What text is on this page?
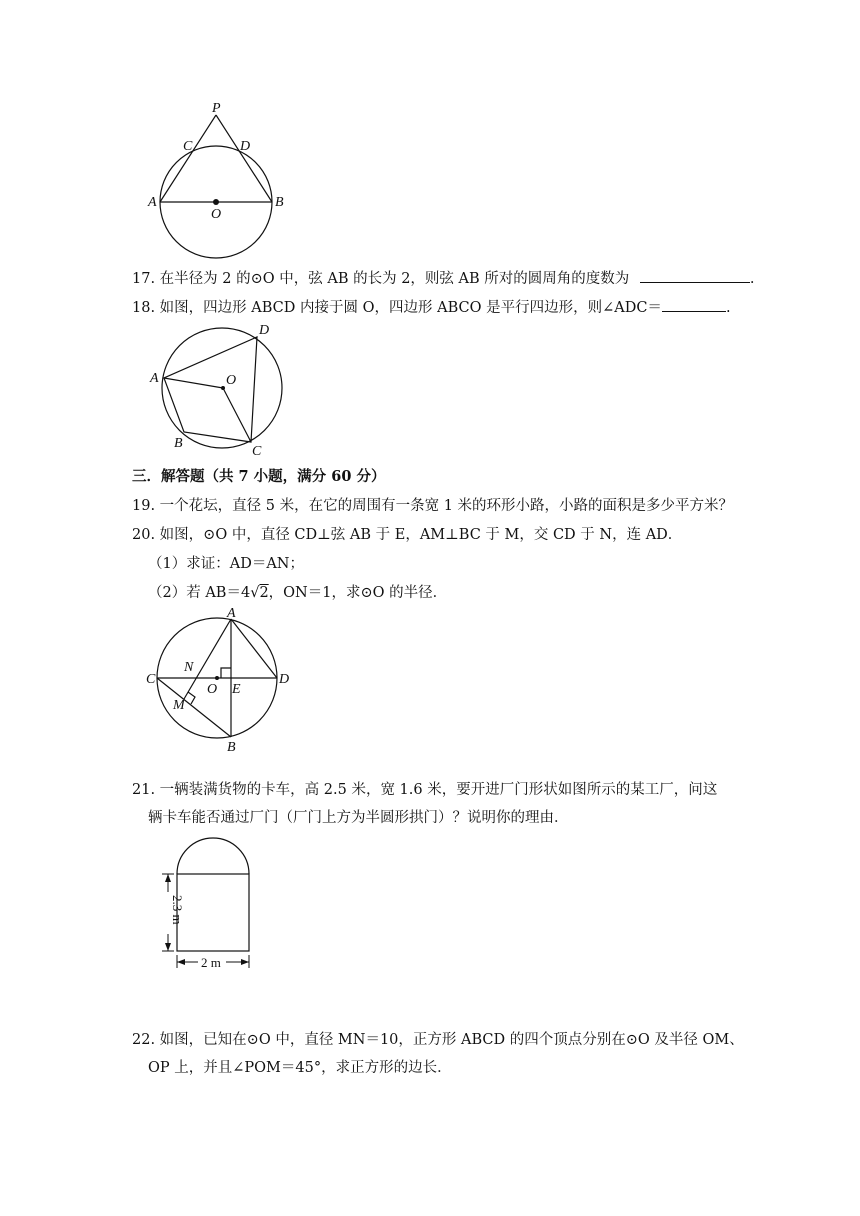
P
C	D
A
O
B
17. 在半径为 2 的⊙O 中，弦 AB 的长为 2，则弦 AB 所对的圆周角的度数为	.
18. 如图，四边形 ABCD 内接于圆 O，四边形 ABCO 是平行四边形，则∠ADC＝	.
A
B
C
D
O
三．解答题（共 7 小题，满分 60 分）
19. 一个花坛，直径 5 米，在它的周围有一条宽 1 米的环形小路，小路的面积是多少平方米？
20. 如图，⊙O 中，直径 CD⊥弦 AB 于 E，AM⊥BC 于 M，交 CD 于 N，连 AD．
（1）求证：AD＝AN；
（2）若 AB＝4√2，ON＝1，求⊙O 的半径．
A
B
C	D
N
O E
M
21. 一辆装满货物的卡车，高 2.5 米，宽 1.6 米，要开进厂门形状如图所示的某工厂，问这
辆卡车能否通过厂门（厂门上方为半圆形拱门）？说明你的理由．
2.3 m
2 m
22. 如图，已知在⊙O 中，直径 MN＝10，正方形 ABCD 的四个顶点分别在⊙O 及半径 OM、
OP 上，并且∠POM＝45°，求正方形的边长．
